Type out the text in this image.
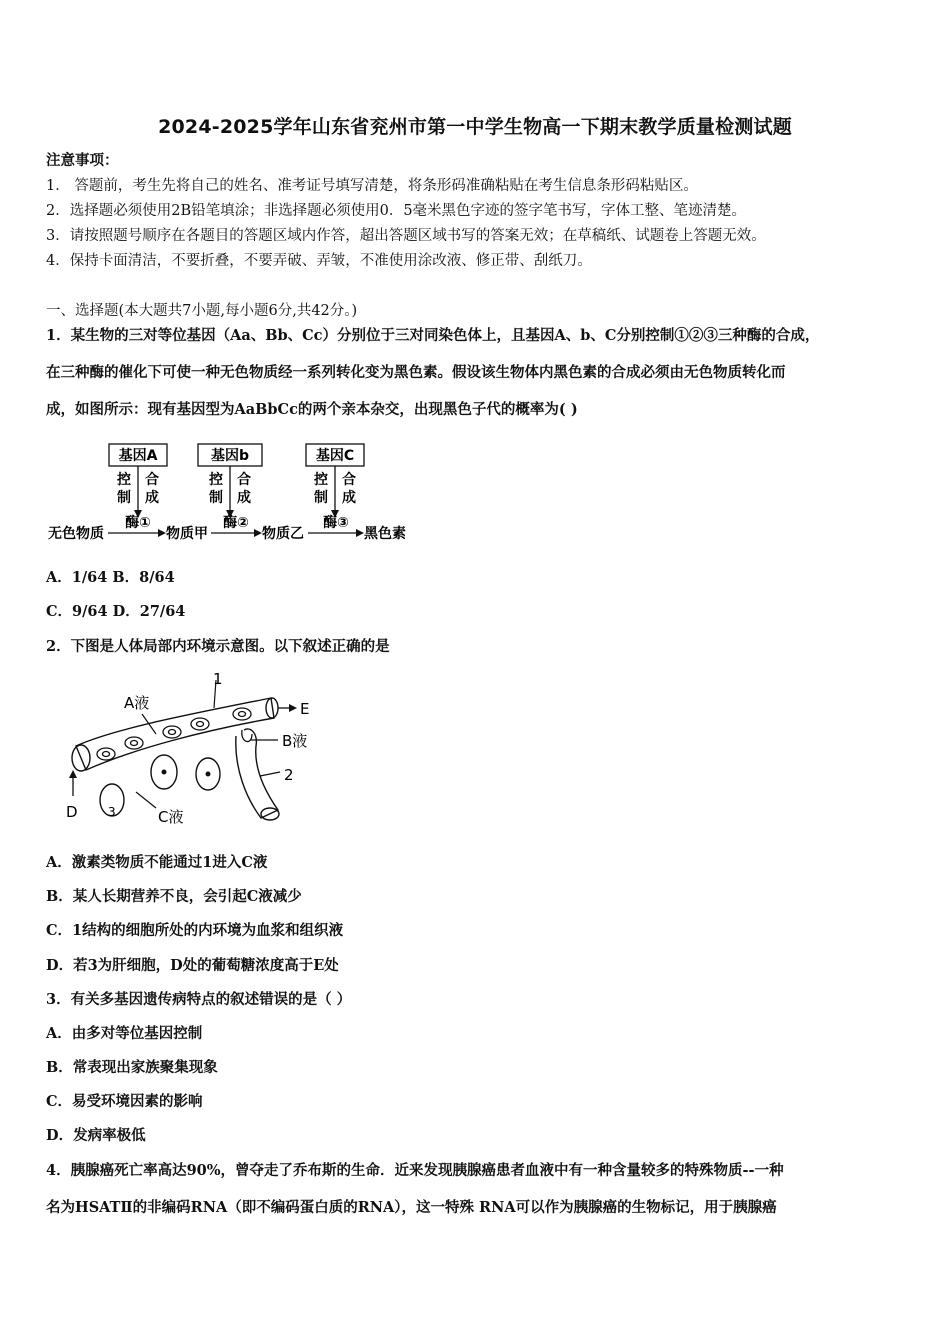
2024-2025学年山东省兖州市第一中学生物高一下期末教学质量检测试题
注意事项：
1． 答题前，考生先将自己的姓名、准考证号填写清楚，将条形码准确粘贴在考生信息条形码粘贴区。
2．选择题必须使用2B铅笔填涂；非选择题必须使用0．5毫米黑色字迹的签字笔书写，字体工整、笔迹清楚。
3．请按照题号顺序在各题目的答题区域内作答，超出答题区域书写的答案无效；在草稿纸、试题卷上答题无效。
4．保持卡面清洁，不要折叠，不要弄破、弄皱，不准使用涂改液、修正带、刮纸刀。
一、选择题(本大题共7小题,每小题6分,共42分。)
1．某生物的三对等位基因（Aa、Bb、Cc）分别位于三对同染色体上，且基因A、b、C分别控制①②③三种酶的合成，
在三种酶的催化下可使一种无色物质经一系列转化变为黑色素。假设该生物体内黑色素的合成必须由无色物质转化而
成，如图所示：现有基因型为AaBbCc的两个亲本杂交，出现黑色子代的概率为( )
基因A
控
制
合
成
基因b
控
制
合
成
基因C
控
制
合
成
无色物质
酶①
物质甲
酶②
物质乙
酶③
黑色素
A．1/64 B．8/64
C．9/64 D．27/64
2．下图是人体局部内环境示意图。以下叙述正确的是
E
1
A液
B液
2
3	C液
D
A．激素类物质不能通过1进入C液
B．某人长期营养不良，会引起C液减少
C．1结构的细胞所处的内环境为血浆和组织液
D．若3为肝细胞，D处的葡萄糖浓度高于E处
3．有关多基因遗传病特点的叙述错误的是（ ）
A．由多对等位基因控制
B．常表现出家族聚集现象
C．易受环境因素的影响
D．发病率极低
4．胰腺癌死亡率高达90%，曾夺走了乔布斯的生命．近来发现胰腺癌患者血液中有一种含量较多的特殊物质--一种
名为HSATⅡ的非编码RNA（即不编码蛋白质的RNA），这一特殊 RNA可以作为胰腺癌的生物标记，用于胰腺癌
